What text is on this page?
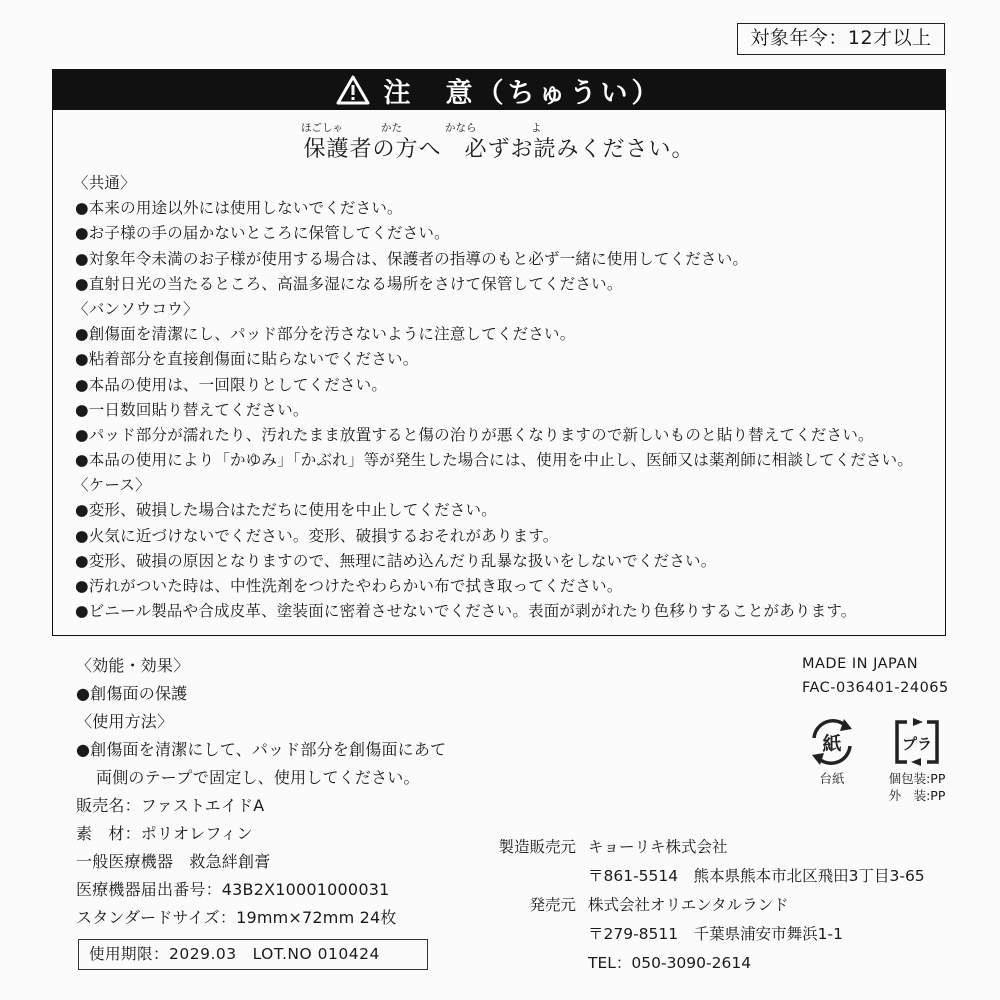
対象年令：12才以上
注　意（ちゅうい）
ほごしゃ	かた	かなら	よ
保護者の方へ　必ずお読みください。
〈共通〉
●本来の用途以外には使用しないでください。
●お子様の手の届かないところに保管してください。
●対象年令未満のお子様が使用する場合は、保護者の指導のもと必ず一緒に使用してください。
●直射日光の当たるところ、高温多湿になる場所をさけて保管してください。
〈バンソウコウ〉
●創傷面を清潔にし、パッド部分を汚さないように注意してください。
●粘着部分を直接創傷面に貼らないでください。
●本品の使用は、一回限りとしてください。
●一日数回貼り替えてください。
●パッド部分が濡れたり、汚れたまま放置すると傷の治りが悪くなりますので新しいものと貼り替えてください。
●本品の使用により「かゆみ」「かぶれ」等が発生した場合には、使用を中止し、医師又は薬剤師に相談してください。
〈ケース〉
●変形、破損した場合はただちに使用を中止してください。
●火気に近づけないでください。変形、破損するおそれがあります。
●変形、破損の原因となりますので、無理に詰め込んだり乱暴な扱いをしないでください。
●汚れがついた時は、中性洗剤をつけたやわらかい布で拭き取ってください。
●ビニール製品や合成皮革、塗装面に密着させないでください。表面が剥がれたり色移りすることがあります。
〈効能・効果〉
●創傷面の保護
〈使用方法〉
●創傷面を清潔にして、パッド部分を創傷面にあて
両側のテープで固定し、使用してください。
販売名：ファストエイドA
素　材：ポリオレフィン
一般医療機器　救急絆創膏
医療機器届出番号：43B2X10001000031
スタンダードサイズ：19mm×72mm 24枚
使用期限：2029.03　LOT.NO 010424
MADE IN JAPAN
FAC-036401-24065
紙
台紙
プラ
個包装:PP
外　装:PP
製造販売元 キョーリキ株式会社
〒861-5514　熊本県熊本市北区飛田3丁目3-65
発売元 株式会社オリエンタルランド
〒279-8511　千葉県浦安市舞浜1-1
TEL：050-3090-2614
